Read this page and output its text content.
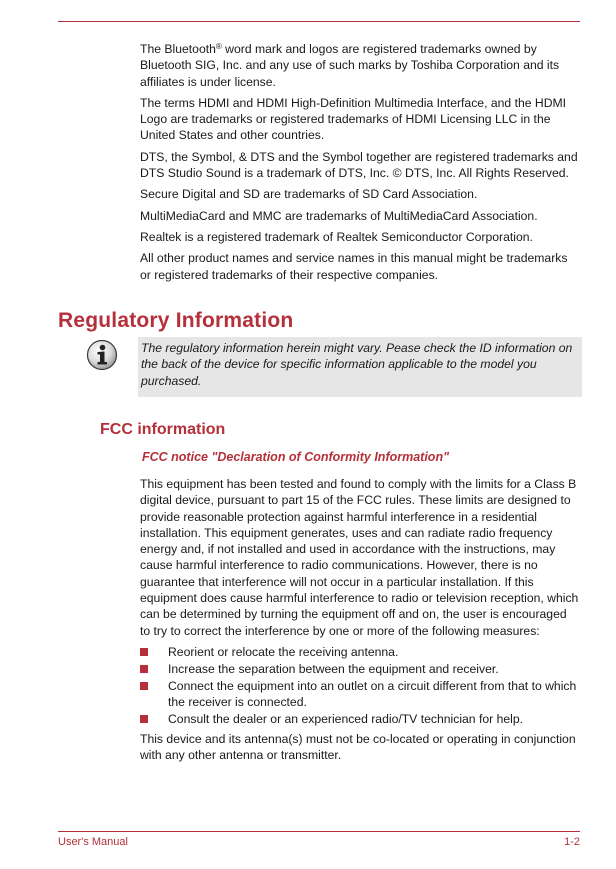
The Bluetooth® word mark and logos are registered trademarks owned by Bluetooth SIG, Inc. and any use of such marks by Toshiba Corporation and its affiliates is under license.

The terms HDMI and HDMI High-Definition Multimedia Interface, and the HDMI Logo are trademarks or registered trademarks of HDMI Licensing LLC in the United States and other countries.

DTS, the Symbol, & DTS and the Symbol together are registered trademarks and DTS Studio Sound is a trademark of DTS, Inc. © DTS, Inc. All Rights Reserved.

Secure Digital and SD are trademarks of SD Card Association.

MultiMediaCard and MMC are trademarks of MultiMediaCard Association.

Realtek is a registered trademark of Realtek Semiconductor Corporation.

All other product names and service names in this manual might be trademarks or registered trademarks of their respective companies.

Regulatory Information

The regulatory information herein might vary. Pease check the ID information on the back of the device for specific information applicable to the model you purchased.

FCC information
FCC notice "Declaration of Conformity Information"

This equipment has been tested and found to comply with the limits for a Class B digital device, pursuant to part 15 of the FCC rules. These limits are designed to provide reasonable protection against harmful interference in a residential installation. This equipment generates, uses and can radiate radio frequency energy and, if not installed and used in accordance with the instructions, may cause harmful interference to radio communications. However, there is no guarantee that interference will not occur in a particular installation. If this equipment does cause harmful interference to radio or television reception, which can be determined by turning the equipment off and on, the user is encouraged to try to correct the interference by one or more of the following measures:

Reorient or relocate the receiving antenna.
Increase the separation between the equipment and receiver.
Connect the equipment into an outlet on a circuit different from that to which the receiver is connected.
Consult the dealer or an experienced radio/TV technician for help.

This device and its antenna(s) must not be co-located or operating in conjunction with any other antenna or transmitter.

User's Manual	1-2
